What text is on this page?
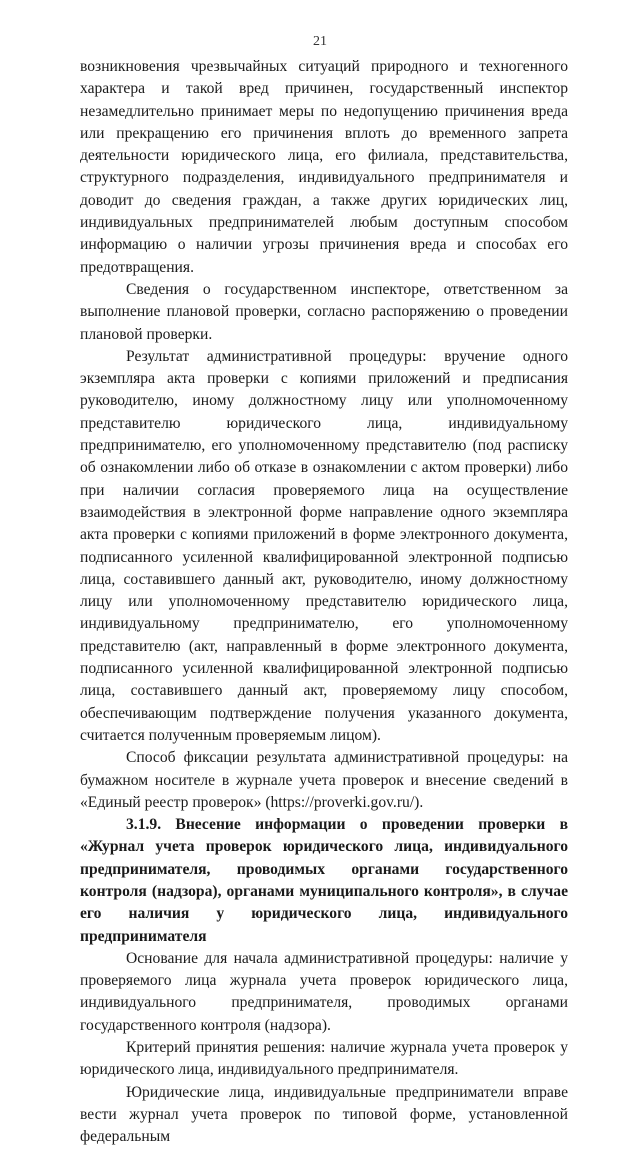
21

возникновения чрезвычайных ситуаций природного и техногенного характера и такой вред причинен, государственный инспектор незамедлительно принимает меры по недопущению причинения вреда или прекращению его причинения вплоть до временного запрета деятельности юридического лица, его филиала, представительства, структурного подразделения, индивидуального предпринимателя и доводит до сведения граждан, а также других юридических лиц, индивидуальных предпринимателей любым доступным способом информацию о наличии угрозы причинения вреда и способах его предотвращения.

Сведения о государственном инспекторе, ответственном за выполнение плановой проверки, согласно распоряжению о проведении плановой проверки.

Результат административной процедуры: вручение одного экземпляра акта проверки с копиями приложений и предписания руководителю, иному должностному лицу или уполномоченному представителю юридического лица, индивидуальному предпринимателю, его уполномоченному представителю (под расписку об ознакомлении либо об отказе в ознакомлении с актом проверки) либо при наличии согласия проверяемого лица на осуществление взаимодействия в электронной форме направление одного экземпляра акта проверки с копиями приложений в форме электронного документа, подписанного усиленной квалифицированной электронной подписью лица, составившего данный акт, руководителю, иному должностному лицу или уполномоченному представителю юридического лица, индивидуальному предпринимателю, его уполномоченному представителю (акт, направленный в форме электронного документа, подписанного усиленной квалифицированной электронной подписью лица, составившего данный акт, проверяемому лицу способом, обеспечивающим подтверждение получения указанного документа, считается полученным проверяемым лицом).

Способ фиксации результата административной процедуры: на бумажном носителе в журнале учета проверок и внесение сведений в «Единый реестр проверок» (https://proverki.gov.ru/).

3.1.9. Внесение информации о проведении проверки в «Журнал учета проверок юридического лица, индивидуального предпринимателя, проводимых органами государственного контроля (надзора), органами муниципального контроля», в случае его наличия у юридического лица, индивидуального предпринимателя

Основание для начала административной процедуры: наличие у проверяемого лица журнала учета проверок юридического лица, индивидуального предпринимателя, проводимых органами государственного контроля (надзора).

Критерий принятия решения: наличие журнала учета проверок у юридического лица, индивидуального предпринимателя.

Юридические лица, индивидуальные предприниматели вправе вести журнал учета проверок по типовой форме, установленной федеральным
